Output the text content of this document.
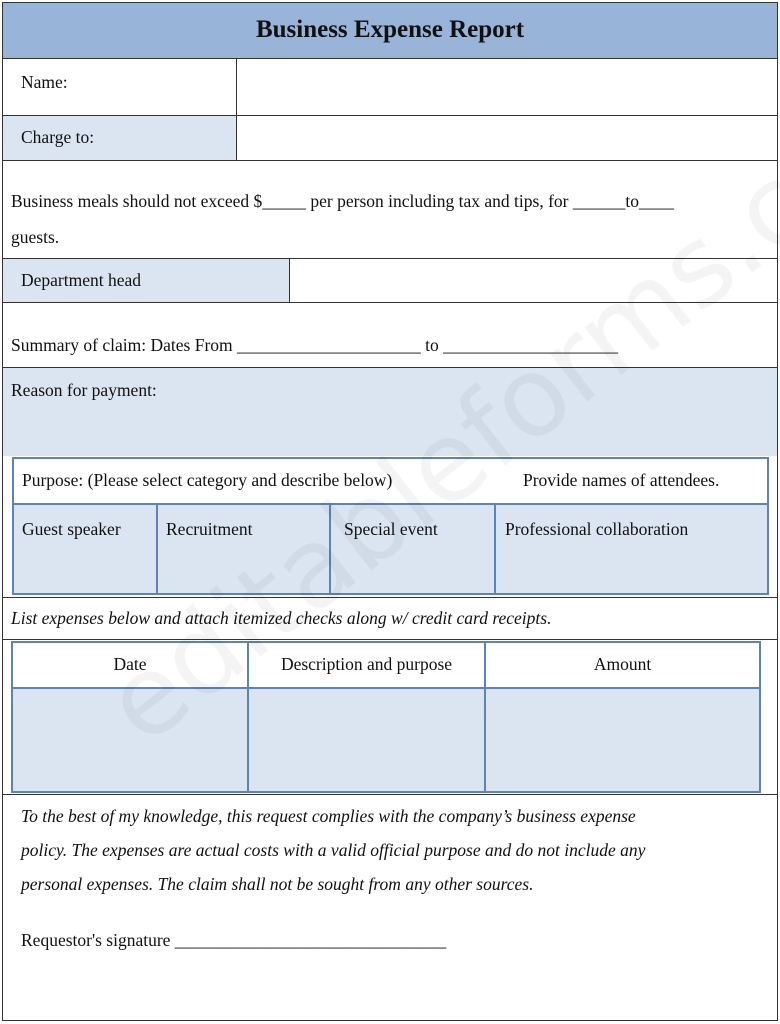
Business Expense Report
Name:
Charge to:
Business meals should not exceed $_____ per person including tax and tips, for ______to____
guests.
Department head
Summary of claim: Dates From _____________________ to ____________________
Reason for payment:
Purpose: (Please select category and describe below)	Provide names of attendees.
Guest speaker	Recruitment	Special event	Professional collaboration
List expenses below and attach itemized checks along w/ credit card receipts.
Date	Description and purpose	Amount
To the best of my knowledge, this request complies with the company’s business expense
policy. The expenses are actual costs with a valid official purpose and do not include any
personal expenses. The claim shall not be sought from any other sources.
Requestor's signature _______________________________
